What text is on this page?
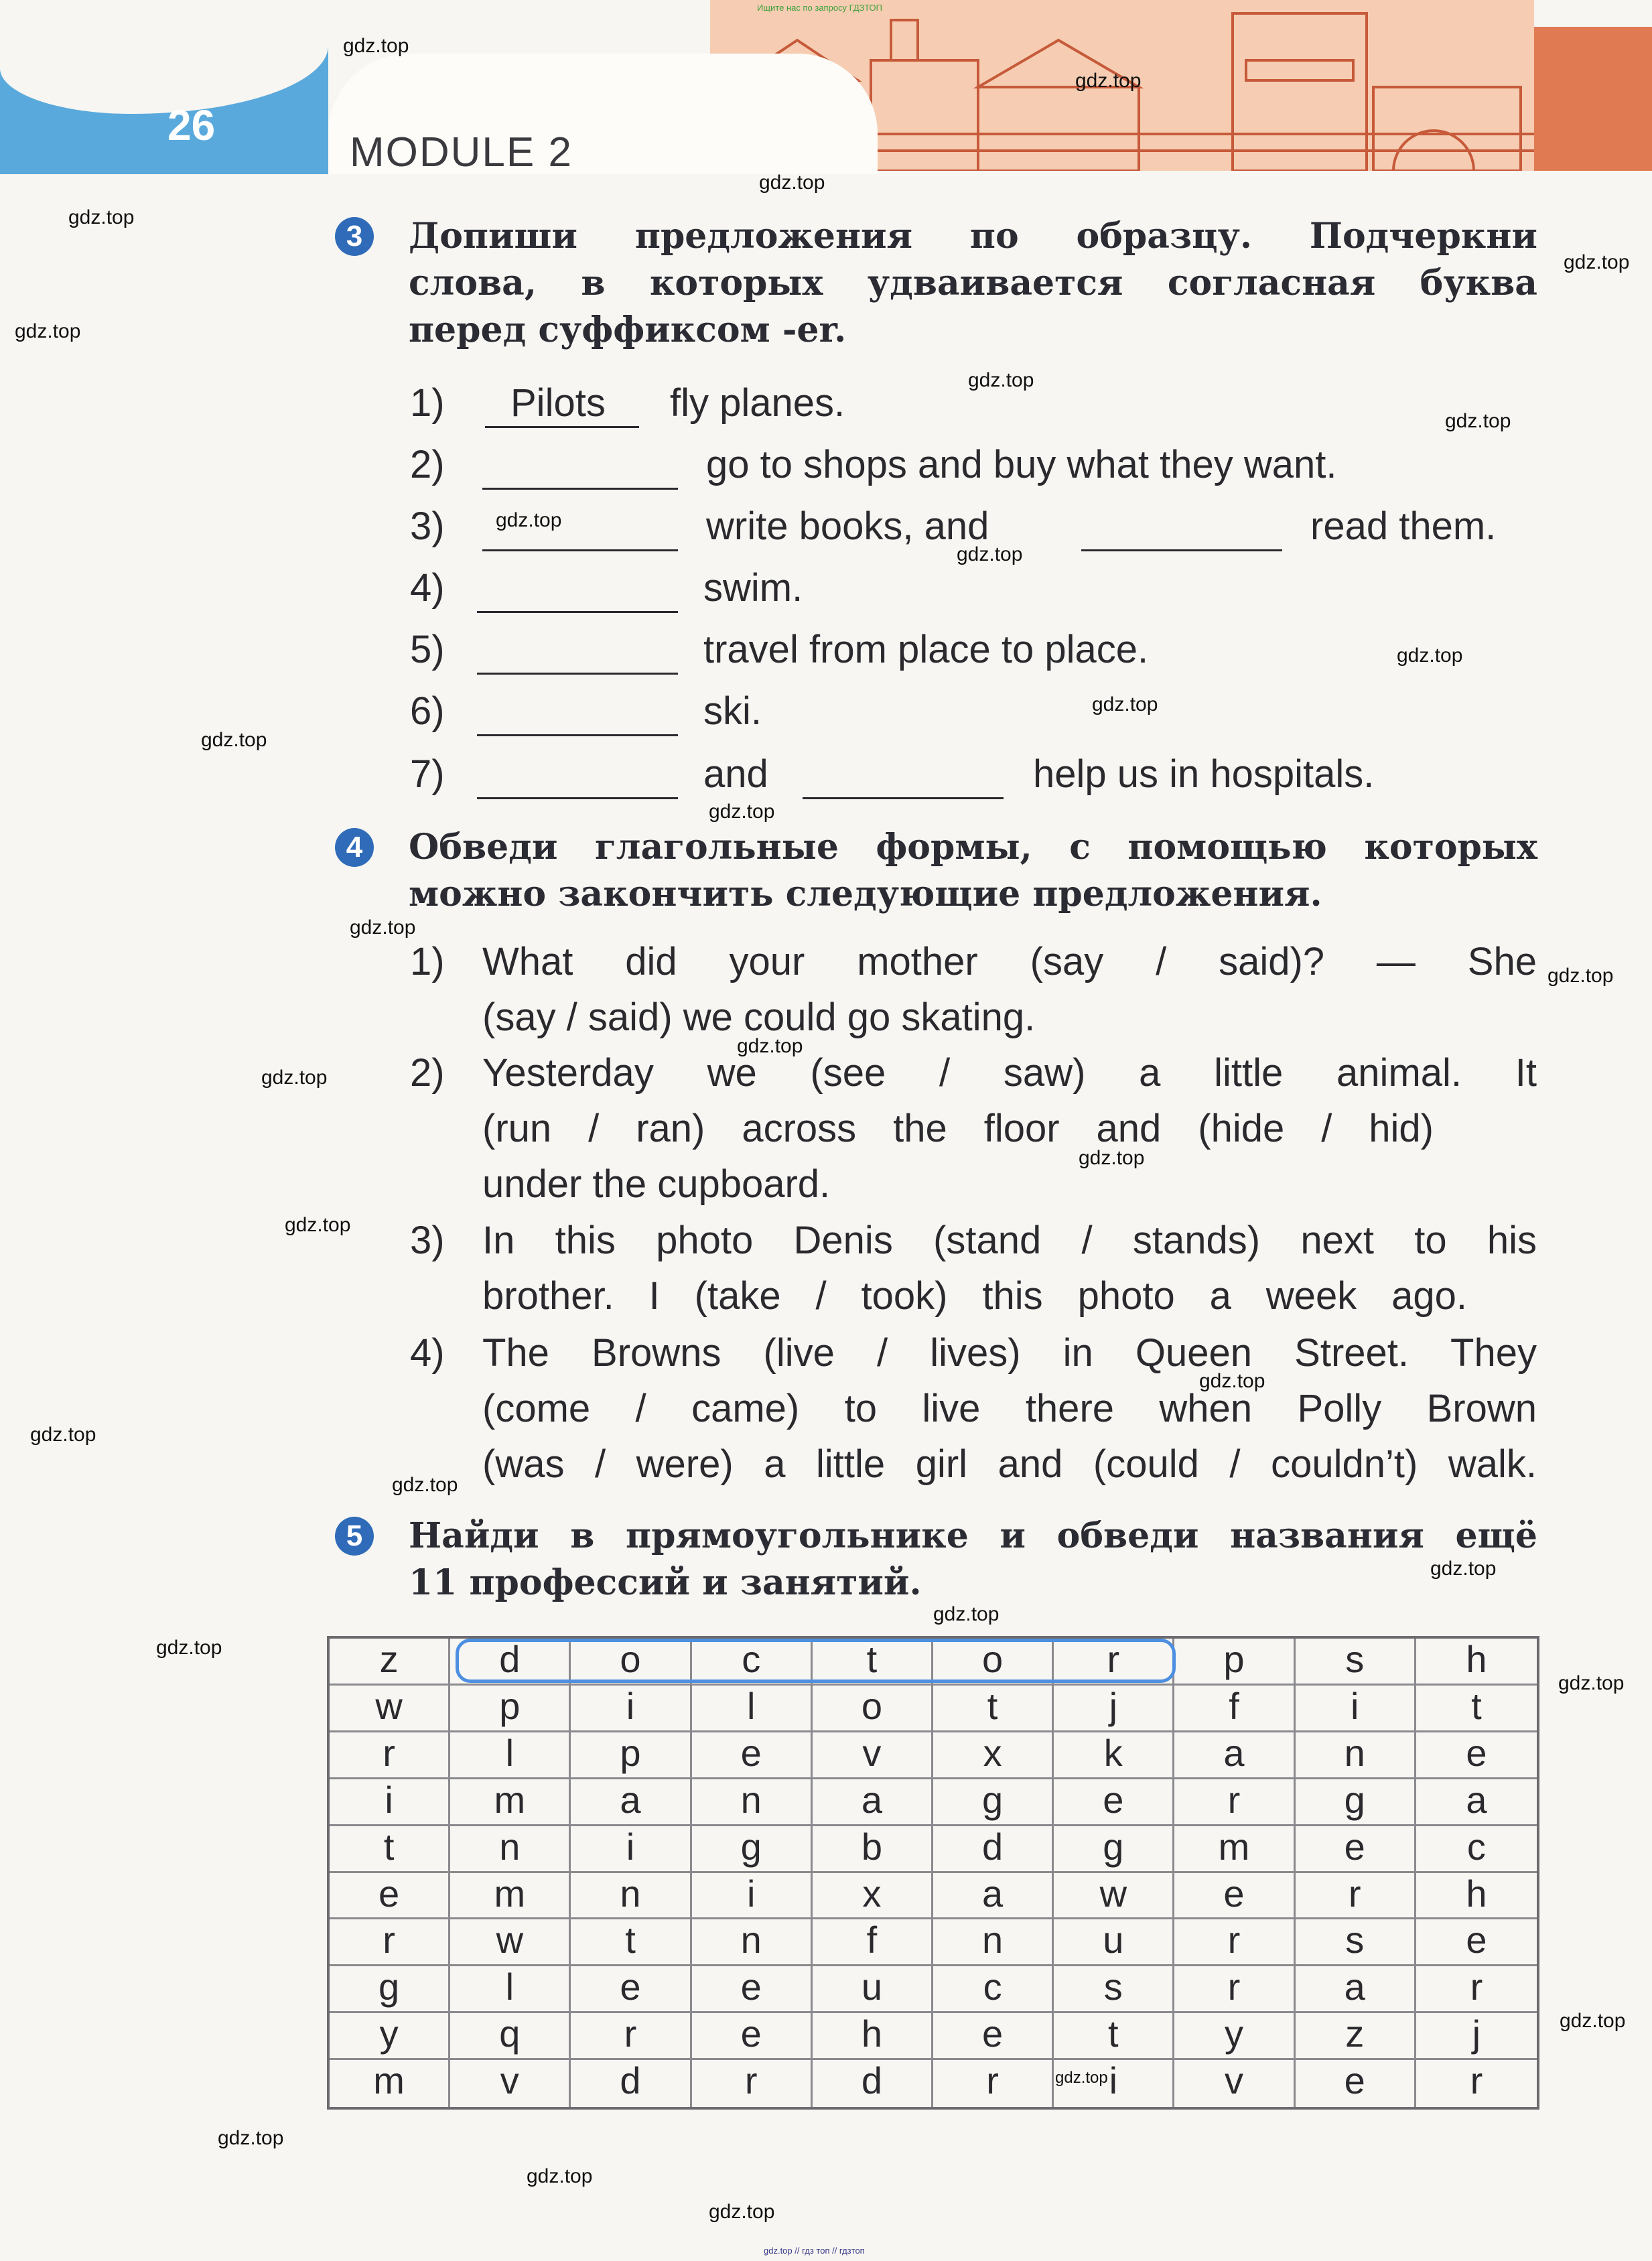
26
MODULE 2
Ищите нас по запросу ГДЗТОП
gdz.top
gdz.top
gdz.top
gdz.top
gdz.top
gdz.top
gdz.top
gdz.top
gdz.top
gdz.top
gdz.top
gdz.top
gdz.top
gdz.top
gdz.top
gdz.top
gdz.top
gdz.top
gdz.top
gdz.top
gdz.top
gdz.top
gdz.top
gdz.top
gdz.top
gdz.top
gdz.top
gdz.top
gdz.top
gdz.top
gdz.top
gdz.top
3	Допиши предложения по образцу. Подчеркни
слова, в которых удваивается согласная буква
перед суффиксом -er.
1) Pilots fly planes.
2)	go to shops and buy what they want.
3)	write books, and	read them.
4)	swim.
5)	travel from place to place.
6)	ski.
7)	and	help us in hospitals.
4	Обведи глагольные формы, с помощью которых
можно закончить следующие предложения.
1) What did your mother (say / said)? — She
(say / said) we could go skating.
2) Yesterday we (see / saw) a little animal. It
(run / ran) across the floor and (hide / hid)
under the cupboard.
3) In this photo Denis (stand / stands) next to his
brother. I (take / took) this photo a week ago.
4) The Browns (live / lives) in Queen Street. They
(come / came) to live there when Polly Brown
(was / were) a little girl and (could / couldn’t) walk.
5	Найди в прямоугольнике и обведи названия ещё
11 профессий и занятий.
z	d	o	c	t	o	r	p	s	h
w	p	i	l	o	t	j	f	i	t
r	l	p	e	v	x	k	a	n	e
i	m	a	n	a	g	e	r	g	a
t	n	i	g	b	d	g	m	e	c
e	m	n	i	x	a	w	e	r	h
r	w	t	n	f	n	u	r	s	e
g	l	e	e	u	c	s	r	a	r
y	q	r	e	h	e	t	y	z	j
m	v	d	r	d	r	i	v	e	r
gdz.top // гдз топ // гдзтоп
